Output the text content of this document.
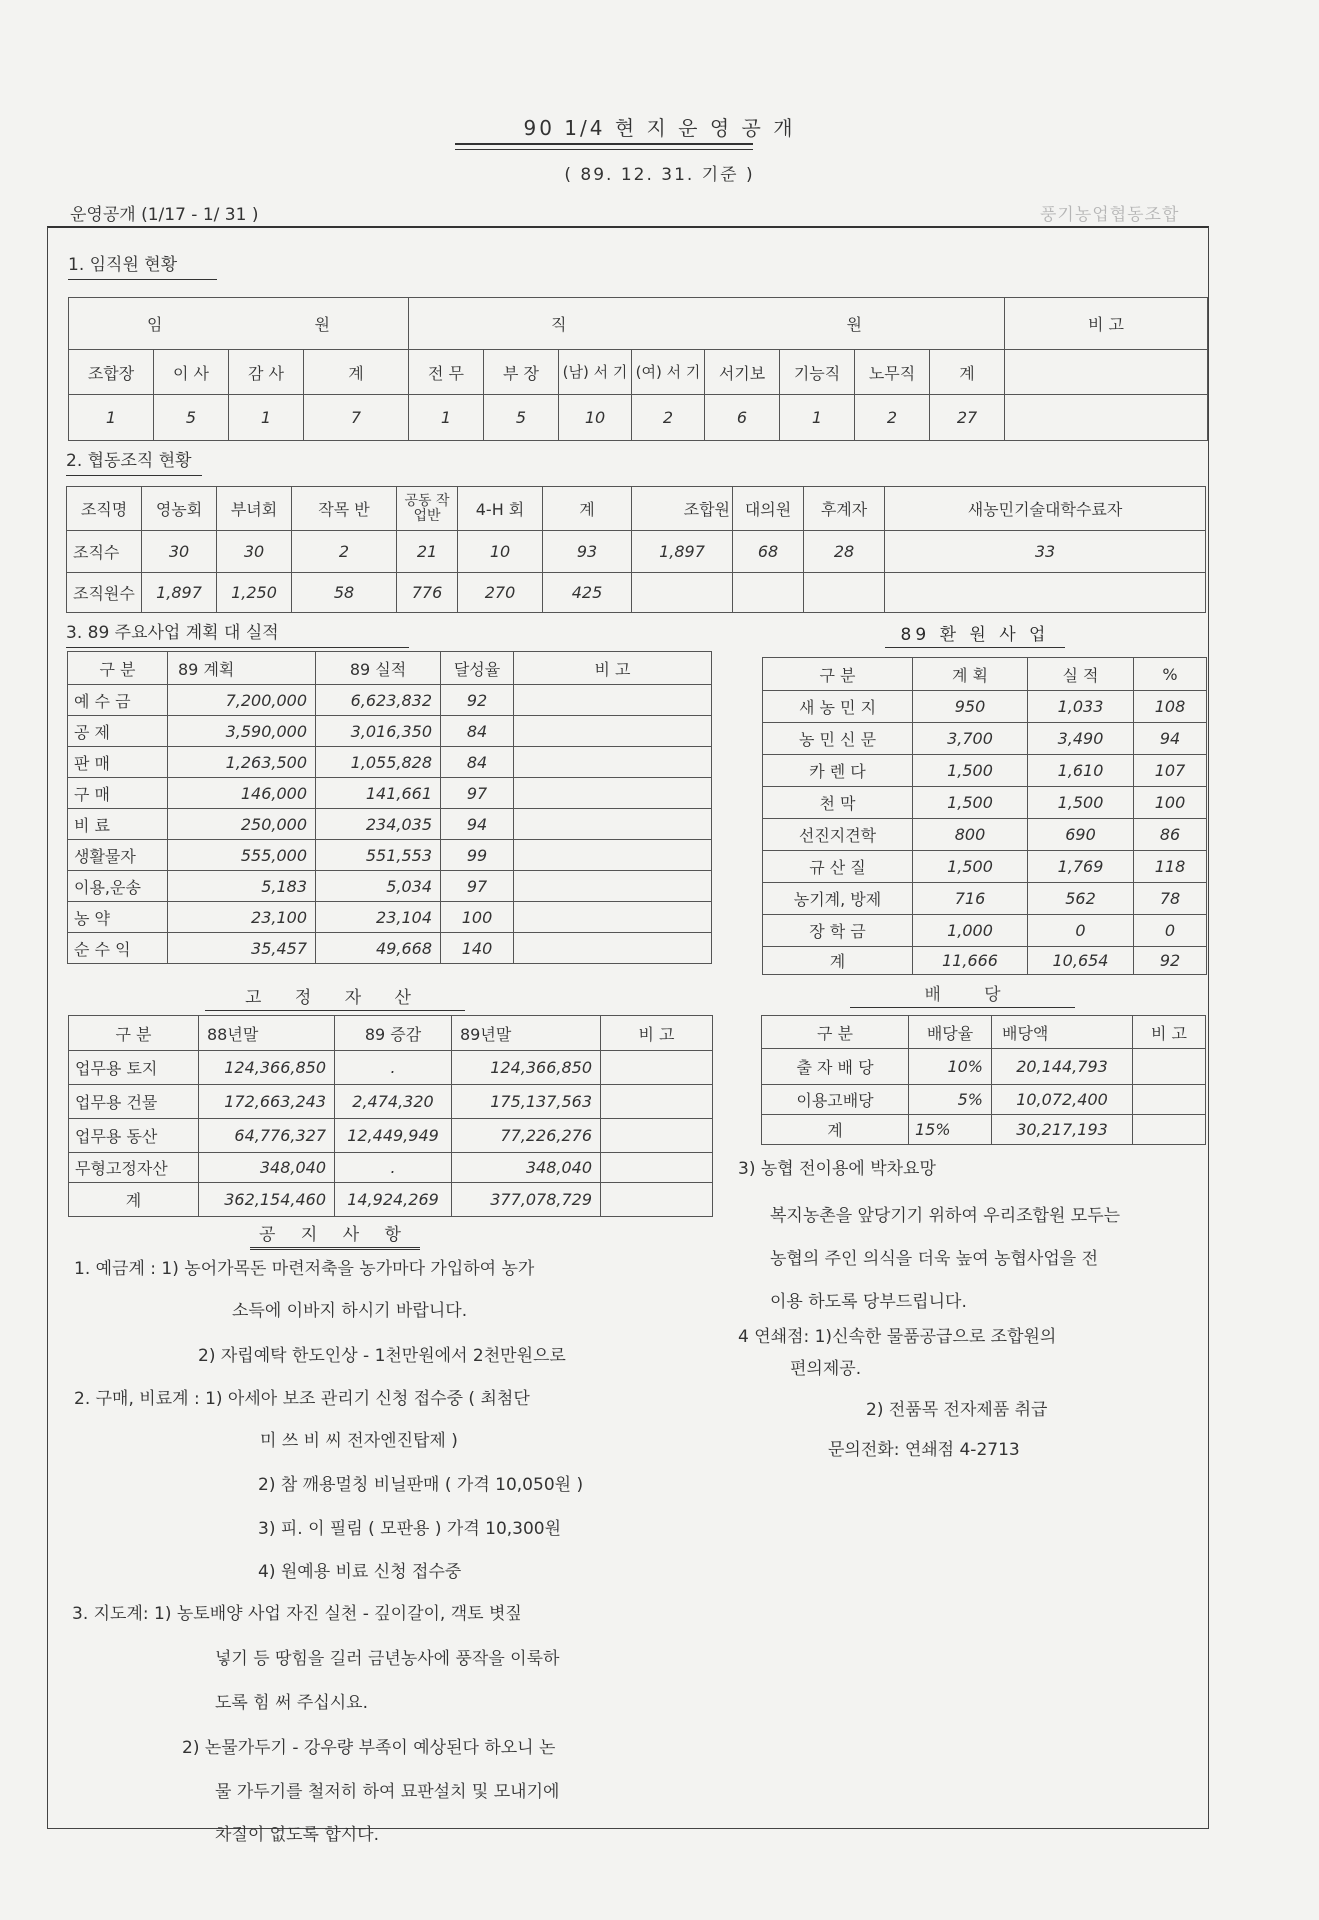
90 1/4 현 지 운 영 공 개
( 89. 12. 31. 기준 )
운영공개 (1/17 - 1/ 31 )	풍기농업협동조합
1. 임직원 현황
임 원				직 원								비 고
조합장	이 사	감 사	계	전 무	부 장	(남) 서 기	(여) 서 기	서기보	기능직	노무직	계	
1	5	1	7	1	5	10	2	6	1	2	27	
2. 협동조직 현황
조직명	영농회	부녀회	작목 반	공동 작업반	4-H 회	계	조합원	대의원	후계자	새농민기술대학수료자
조직수	30	30	2	21	10	93	1,897	68	28	33
조직원수	1,897	1,250	58	776	270	425				
3. 89 주요사업 계획 대 실적
구 분	89 계획	89 실적	달성율	비 고
예 수 금	7,200,000	6,623,832	92	
공 제	3,590,000	3,016,350	84	
판 매	1,263,500	1,055,828	84	
구 매	146,000	141,661	97	
비 료	250,000	234,035	94	
생활물자	555,000	551,553	99	
이용,운송	5,183	5,034	97	
농 약	23,100	23,104	100	
순 수 익	35,457	49,668	140	
89 환 원 사 업
구 분	계 획	실 적	%
새 농 민 지	950	1,033	108
농 민 신 문	3,700	3,490	94
카 렌 다	1,500	1,610	107
천 막	1,500	1,500	100
선진지견학	800	690	86
규 산 질	1,500	1,769	118
농기계, 방제	716	562	78
장 학 금	1,000	0	0
계	11,666	10,654	92
고 정 자 산
구 분	88년말	89 증감	89년말	비 고
업무용 토지	124,366,850	.	124,366,850	
업무용 건물	172,663,243	2,474,320	175,137,563	
업무용 동산	64,776,327	12,449,949	77,226,276	
무형고정자산	348,040	.	348,040	
계	362,154,460	14,924,269	377,078,729	
배        당
구 분	배당율	배당액	비 고
출 자 배 당	10%	20,144,793	
이용고배당	5%	10,072,400	
계	15%	30,217,193	
공 지 사 항
1. 예금계 : 1) 농어가목돈 마련저축을 농가마다 가입하여 농가
소득에 이바지 하시기 바랍니다.
2) 자립예탁 한도인상 - 1천만원에서 2천만원으로
2. 구매, 비료계 : 1) 아세아 보조 관리기 신청 접수중 ( 최첨단
미 쓰 비 씨 전자엔진탑제 )
2) 참 깨용멀칭 비닐판매 ( 가격 10,050원 )
3) 피. 이 필림 ( 모판용 ) 가격 10,300원
4) 원예용 비료 신청 접수중
3. 지도계: 1) 농토배양 사업 자진 실천 - 깊이갈이, 객토 볏짚
넣기 등 땅힘을 길러 금년농사에 풍작을 이룩하
도록 힘 써 주십시요.
2) 논물가두기 - 강우량 부족이 예상된다 하오니 논
물 가두기를 철저히 하여 묘판설치 및 모내기에
차질이 없도록 합시다.
3) 농협 전이용에 박차요망
복지농촌을 앞당기기 위하여 우리조합원 모두는
농협의 주인 의식을 더욱 높여 농협사업을 전
이용 하도록 당부드립니다.
4 연쇄점: 1)신속한 물품공급으로 조합원의
편의제공.
2) 전품목 전자제품 취급
문의전화: 연쇄점 4-2713
